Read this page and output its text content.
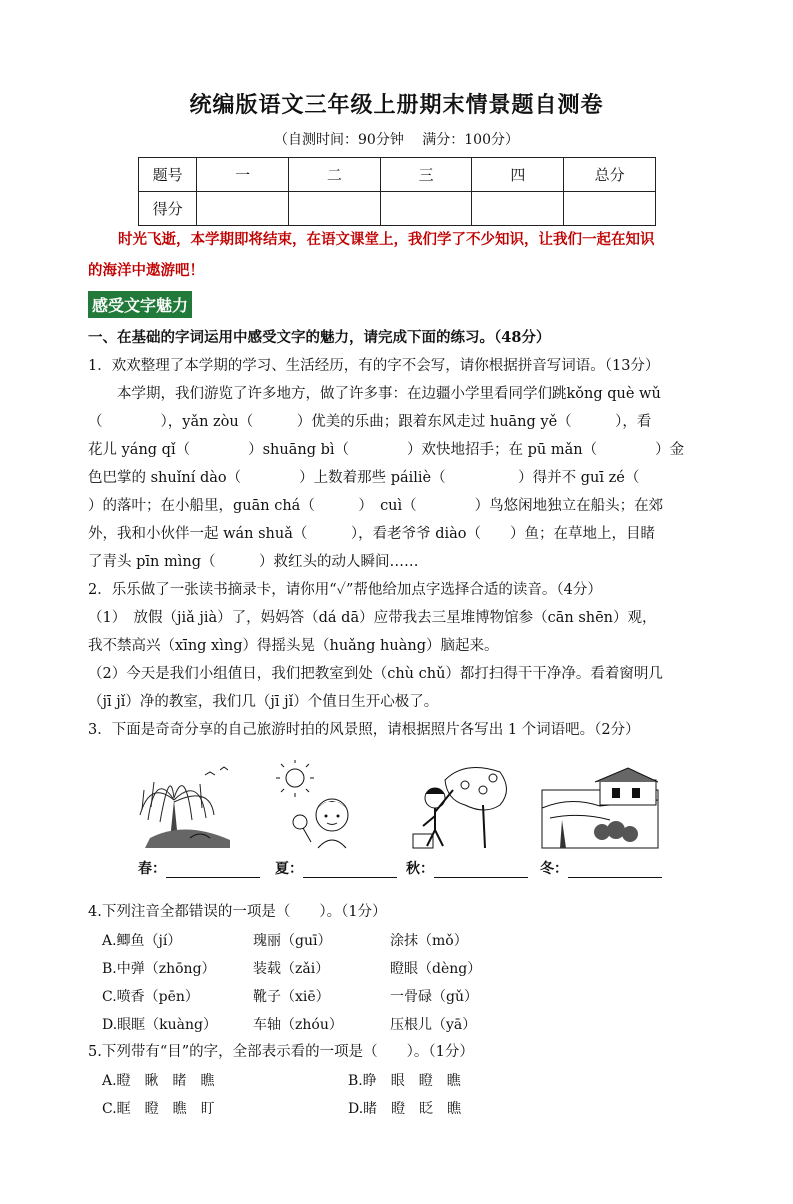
统编版语文三年级上册期末情景题自测卷
（自测时间：90分钟　 满分：100分）
题号	一	二	三	四	总分
得分					
时光飞逝，本学期即将结束，在语文课堂上，我们学了不少知识，让我们一起在知识
的海洋中遨游吧！
感受文字魅力
一、在基础的字词运用中感受文字的魅力，请完成下面的练习。（48分）
1．欢欢整理了本学期的学习、生活经历，有的字不会写，请你根据拼音写词语。（13分）
　　本学期，我们游览了许多地方，做了许多事：在边疆小学里看同学们跳kǒng què wǔ
（　　　　），yǎn zòu（　　　）优美的乐曲；跟着东风走过 huāng yě（　　　），看
花儿 yáng qǐ（　　　　）shuāng bì（　　　　）欢快地招手；在 pū mǎn（　　　　）金
色巴掌的 shuǐní dào（　　　　）上数着那些 páiliè（　　　　　）得并不 guī zé（
）的落叶；在小船里，guān chá（　　　）　cuì（　　　　）鸟悠闲地独立在船头；在郊
外，我和小伙伴一起 wán shuǎ（　　　），看老爷爷 diào（　　）鱼；在草地上，目睹
了青头 pīn mìng（　　　）救红头的动人瞬间……
2．乐乐做了一张读书摘录卡，请你用“✓”帮他给加点字选择合适的读音。（4分）
（1）　放假（jiǎ jià）了，妈妈答（dá dā）应带我去三星堆博物馆参（cān shēn）观，
我不禁高兴（xīng xìng）得摇头晃（huǎng huàng）脑起来。
（2）今天是我们小组值日，我们把教室到处（chù chǔ）都打扫得干干净净。看着窗明几
（jī jǐ）净的教室，我们几（jī jǐ）个值日生开心极了。
3．下面是奇奇分享的自己旅游时拍的风景照，请根据照片各写出 1 个词语吧。（2分）
春：	夏：	秋：	冬：
4.下列注音全都错误的一项是（　　）。（1分）
A.鲫鱼（jí）	瑰丽（guī）	涂抹（mǒ）
B.中弹（zhōng）	装载（zǎi）	瞪眼（dèng）
C.喷香（pēn）	靴子（xiē）	一骨碌（gǔ）
D.眼眶（kuàng）	车轴（zhóu）	压根儿（yā）
5.下列带有“目”的字，全部表示看的一项是（　　）。（1分）
A.瞪　瞅　睹　瞧	B.睁　眼　瞪　瞧
C.眶　瞪　瞧　盯	D.睹　瞪　眨　瞧
